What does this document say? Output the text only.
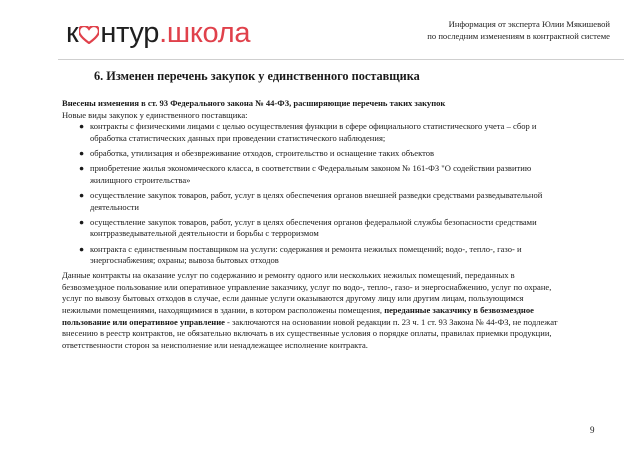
к нтур .школа	Информация от эксперта Юлии Мякишевой
по последним изменениям в контрактной системе
6. Изменен перечень закупок у единственного поставщика
Внесены изменения в ст. 93 Федерального закона № 44-ФЗ, расширяющие перечень таких закупок
Новые виды закупок у единственного поставщика:
● контракты с физическими лицами с целью осуществления функции в сфере официального статистического учета – сбор и
обработка статистических данных при проведении статистического наблюдения;
● обработка, утилизация и обезвреживание отходов, строительство и оснащение таких объектов
● приобретение жилья экономического класса, в соответствии с Федеральным законом № 161-ФЗ "О содействии развитию
жилищного строительства»
● осуществление закупок товаров, работ, услуг в целях обеспечения органов внешней разведки средствами разведывательной
деятельности
● осуществление закупок товаров, работ, услуг в целях обеспечения органов федеральной службы безопасности средствами
контрразведывательной деятельности и борьбы с терроризмом
● контракта с единственным поставщиком на услуги: содержания и ремонта нежилых помещений; водо-, тепло-, газо- и
энергоснабжения; охраны; вывоза бытовых отходов
Данные контракты на оказание услуг по содержанию и ремонту одного или нескольких нежилых помещений, переданных в
безвозмездное пользование или оперативное управление заказчику, услуг по водо-, тепло-, газо- и энергоснабжению, услуг по охране,
услуг по вывозу бытовых отходов в случае, если данные услуги оказываются другому лицу или другим лицам, пользующимся
нежилыми помещениями, находящимися в здании, в котором расположены помещения, переданные заказчику в безвозмездное
пользование или оперативное управление - заключаются на основании новой редакции п. 23 ч. 1 ст. 93 Закона № 44-ФЗ, не подлежат
внесению в реестр контрактов, не обязательно включать в их существенные условия о порядке оплаты, правилах приемки продукции,
ответственности сторон за неисполнение или ненадлежащее исполнение контракта.
9
